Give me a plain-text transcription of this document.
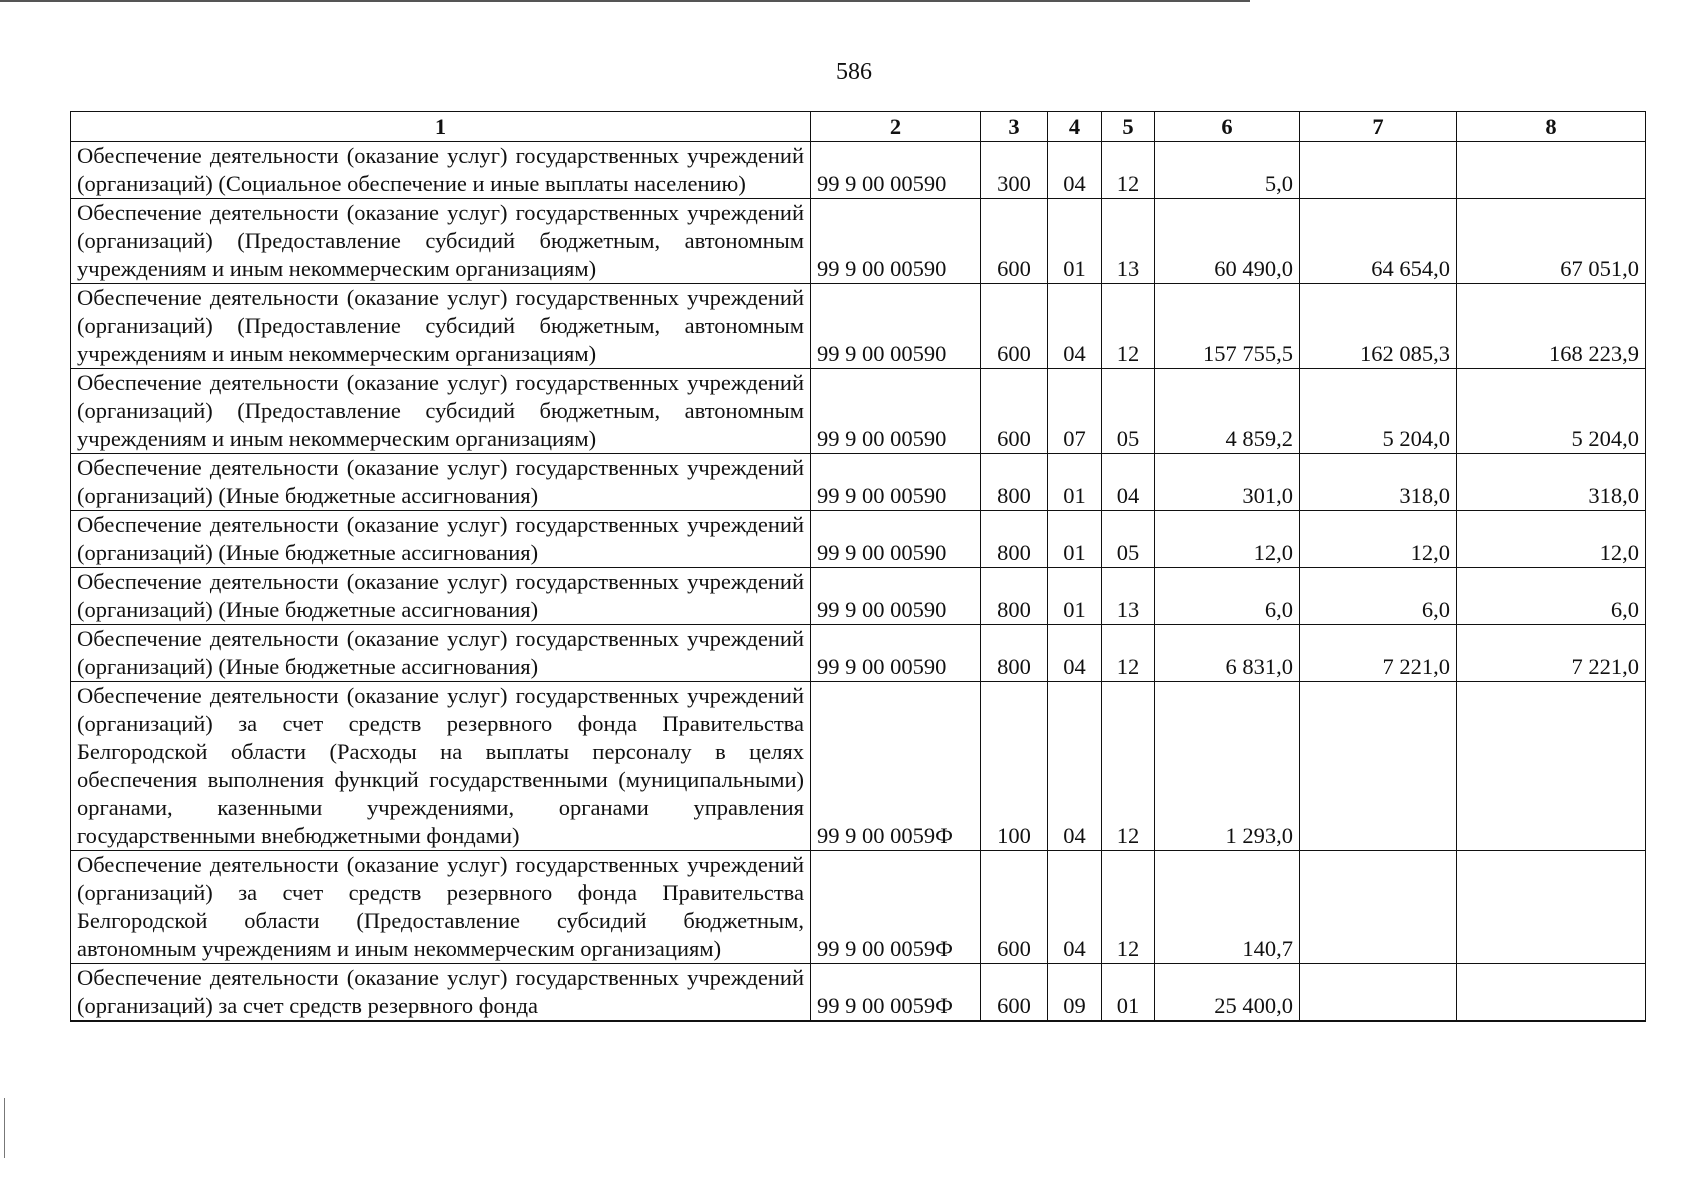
586
1	2	3	4	5	6	7	8
Обеспечение деятельности (оказание услуг) государственных учреждений (организаций) (Социальное обеспечение и иные выплаты населению)	99 9 00 00590	300	04	12	5,0		
Обеспечение деятельности (оказание услуг) государственных учреждений (организаций) (Предоставление субсидий бюджетным, автономным учреждениям и иным некоммерческим организациям)	99 9 00 00590	600	01	13	60 490,0	64 654,0	67 051,0
Обеспечение деятельности (оказание услуг) государственных учреждений (организаций) (Предоставление субсидий бюджетным, автономным учреждениям и иным некоммерческим организациям)	99 9 00 00590	600	04	12	157 755,5	162 085,3	168 223,9
Обеспечение деятельности (оказание услуг) государственных учреждений (организаций) (Предоставление субсидий бюджетным, автономным учреждениям и иным некоммерческим организациям)	99 9 00 00590	600	07	05	4 859,2	5 204,0	5 204,0
Обеспечение деятельности (оказание услуг) государственных учреждений (организаций) (Иные бюджетные ассигнования)	99 9 00 00590	800	01	04	301,0	318,0	318,0
Обеспечение деятельности (оказание услуг) государственных учреждений (организаций) (Иные бюджетные ассигнования)	99 9 00 00590	800	01	05	12,0	12,0	12,0
Обеспечение деятельности (оказание услуг) государственных учреждений (организаций) (Иные бюджетные ассигнования)	99 9 00 00590	800	01	13	6,0	6,0	6,0
Обеспечение деятельности (оказание услуг) государственных учреждений (организаций) (Иные бюджетные ассигнования)	99 9 00 00590	800	04	12	6 831,0	7 221,0	7 221,0
Обеспечение деятельности (оказание услуг) государственных учреждений (организаций) за счет средств резервного фонда Правительства Белгородской области (Расходы на выплаты персоналу в целях обеспечения выполнения функций государственными (муниципальными) органами, казенными учреждениями, органами управления государственными внебюджетными фондами)	99 9 00 0059Ф	100	04	12	1 293,0		
Обеспечение деятельности (оказание услуг) государственных учреждений (организаций) за счет средств резервного фонда Правительства Белгородской области (Предоставление субсидий бюджетным, автономным учреждениям и иным некоммерческим организациям)	99 9 00 0059Ф	600	04	12	140,7		
Обеспечение деятельности (оказание услуг) государственных учреждений (организаций) за счет средств резервного фонда	99 9 00 0059Ф	600	09	01	25 400,0		
